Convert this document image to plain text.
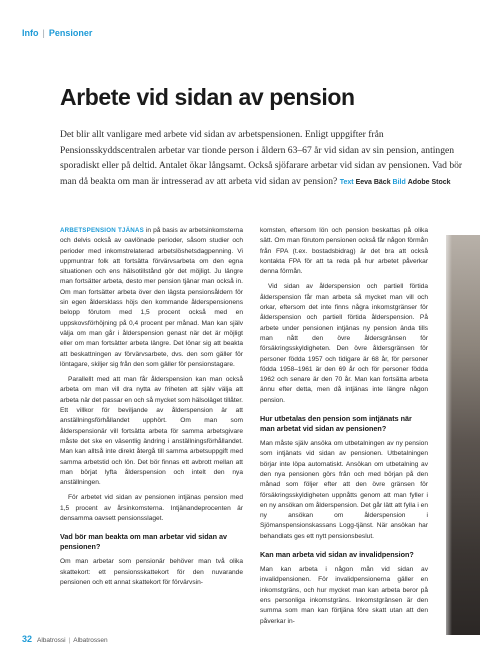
Info | Pensioner
Arbete vid sidan av pension

Det blir allt vanligare med arbete vid sidan av arbetspensionen. Enligt uppgifter från Pensionsskyddscentralen arbetar var tionde person i åldern 63–67 år vid sidan av sin pension, antingen sporadiskt eller på deltid. Antalet ökar långsamt. Också sjöfarare arbetar vid sidan av pensionen. Vad bör man då beakta om man är intresserad av att arbeta vid sidan av pension? Text Eeva Bäck Bild Adobe Stock

ARBETSPENSION TJÄNAS in på basis av arbetsinkomsterna och delvis också av oavlönade perioder, såsom studier och perioder med inkomstrelaterad arbetslöshetsdagpenning. Vi uppmuntrar folk att fortsätta förvärvsarbeta om den egna situationen och ens hälsotillstånd gör det möjligt. Ju längre man fortsätter arbeta, desto mer pension tjänar man också in. Om man fortsätter arbeta över den lägsta pensionsåldern för sin egen åldersklass höjs den kommande ålderspensionens belopp förutom med 1,5 procent också med en uppskovsförhöjning på 0,4 procent per månad. Man kan själv välja om man går i ålderspension genast när det är möjligt eller om man fortsätter arbeta längre. Det lönar sig att beakta att beskattningen av förvärvsarbete, dvs. den som gäller för löntagare, skiljer sig från den som gäller för pensionstagare.

Parallellt med att man får ålderspension kan man också arbeta om man vill dra nytta av friheten att själv välja att arbeta när det passar en och så mycket som hälsoläget tillåter. Ett villkor för beviljande av ålderspension är att anställningsförhållandet upphört. Om man som ålderspensionär vill fortsätta arbeta för samma arbetsgivare måste det ske en väsentlig ändring i anställningsförhållandet. Man kan alltså inte direkt återgå till samma arbetsuppgift med samma arbetstid och lön. Det bör finnas ett avbrott mellan att man börjat lyfta ålderspension och intelt den nya anställningen.

För arbetet vid sidan av pensionen intjänas pension med 1,5 procent av årsinkomsterna. Intjänandeprocenten är densamma oavsett pensionsslaget.

Vad bör man beakta om man arbetar vid sidan av pensionen?

Om man arbetar som pensionär behöver man två olika skattekort: ett pensionsskattekort för den nuvarande pensionen och ett annat skattekort för förvärvsin-

komsten, eftersom lön och pension beskattas på olika sätt. Om man förutom pensionen också får någon förmån från FPA (t.ex. bostadsbidrag) är det bra att också kontakta FPA för att ta reda på hur arbetet påverkar denna förmån.

Vid sidan av ålderspension och partiell förtida ålderspension får man arbeta så mycket man vill och orkar, eftersom det inte finns några inkomstgränser för ålderspension och partiell förtida ålderspension. På arbete under pensionen intjänas ny pension ända tills man nått den övre åldersgränsen för försäkringsskyldigheten. Den övre åldersgränsen för personer födda 1957 och tidigare är 68 år, för personer födda 1958–1961 är den 69 år och för personer födda 1962 och senare är den 70 år. Man kan fortsätta arbeta ännu efter detta, men då intjänas inte längre någon pension.

Hur utbetalas den pension som intjänats när man arbetat vid sidan av pensionen?

Man måste själv ansöka om utbetalningen av ny pension som intjänats vid sidan av pensionen. Utbetalningen börjar inte löpa automatiskt. Ansökan om utbetalning av den nya pensionen görs från och med början på den månad som följer efter att den övre gränsen för försäkringsskyldigheten uppnåtts genom att man fyller i en ny ansökan om ålderspension. Det går lätt att fylla i en ny ansökan om ålderspension i Sjömanspensionskassans Logg-tjänst. När ansökan har behandlats ges ett nytt pensionsbeslut.

Kan man arbeta vid sidan av invalidpension?

Man kan arbeta i någon mån vid sidan av invalidpensionen. För invalidpensionerna gäller en inkomstgräns, och hur mycket man kan arbeta beror på ens personliga inkomstgräns. Inkomstgränsen är den summa som man kan förtjäna före skatt utan att den påverkar in-

32 Albatrossi | Albatrossen
